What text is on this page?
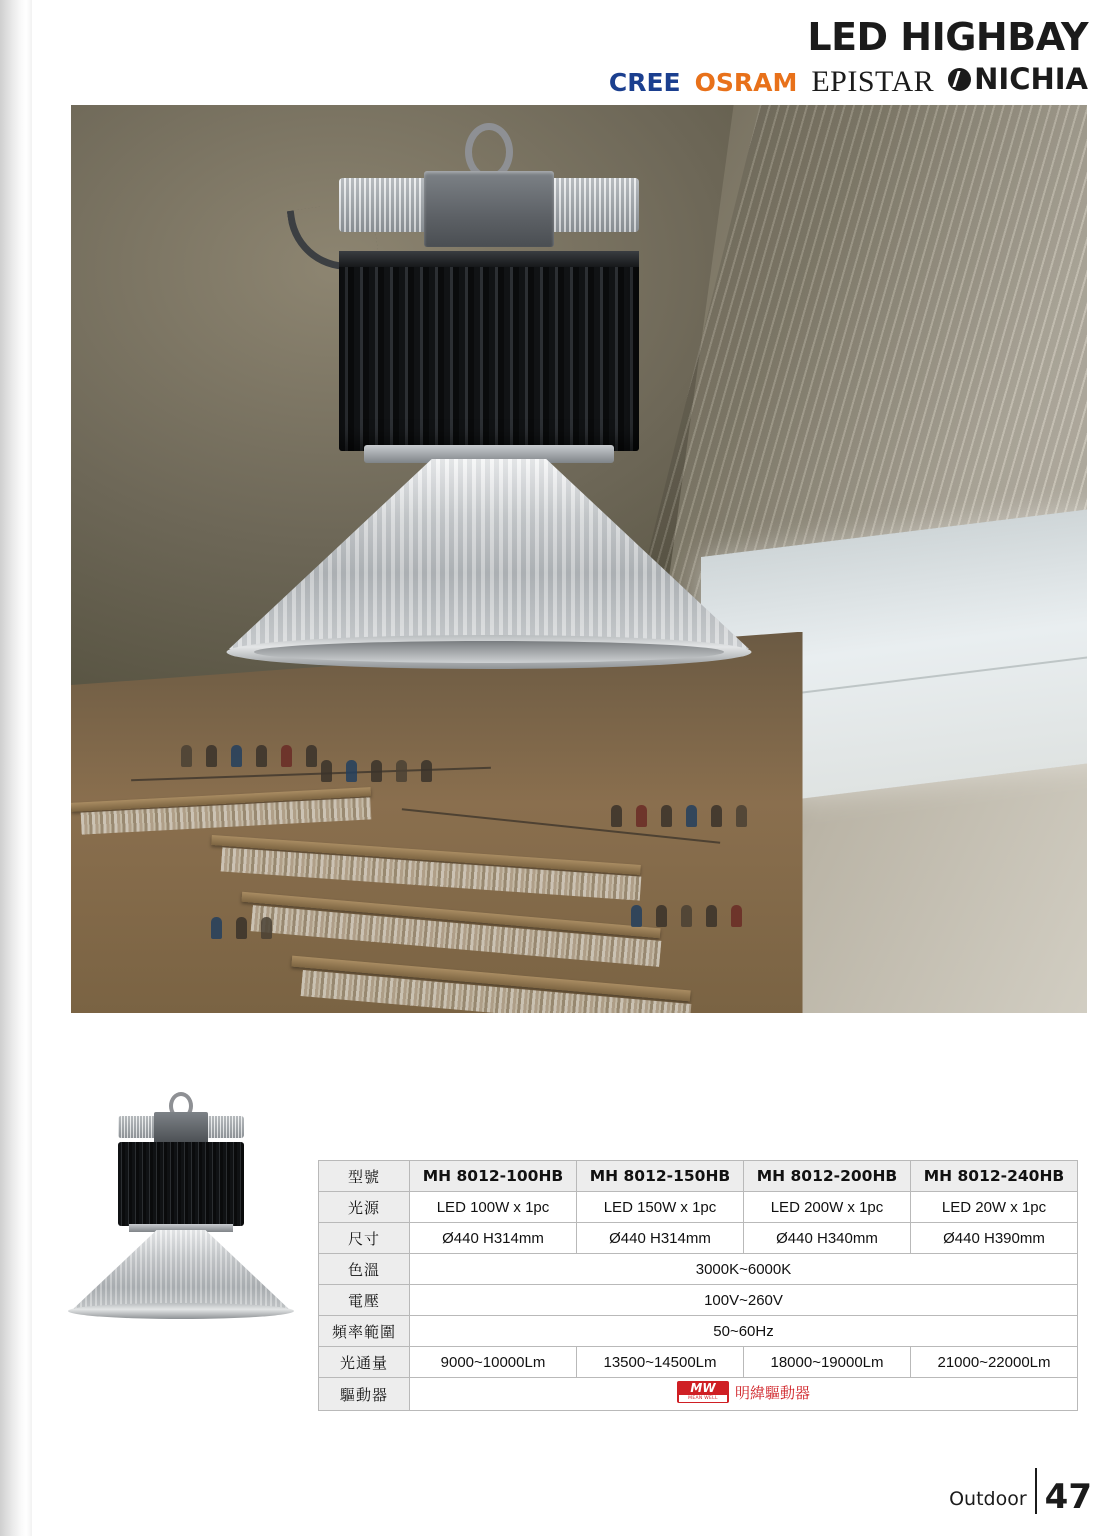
LED HIGHBAY
CREE OSRAM EPISTAR NICHIA
型號	MH 8012-100HB	MH 8012-150HB	MH 8012-200HB	MH 8012-240HB
光源	LED 100W x 1pc	LED 150W x 1pc	LED 200W x 1pc	LED 20W x 1pc
尺寸	Ø440 H314mm	Ø440 H314mm	Ø440 H340mm	Ø440 H390mm
色溫	3000K~6000K			
電壓	100V~260V			
頻率範圍	50~60Hz			
光通量	9000~10000Lm	13500~14500Lm	18000~19000Lm	21000~22000Lm
驅動器	MW
MEAN WELL 明緯驅動器			
Outdoor 47
